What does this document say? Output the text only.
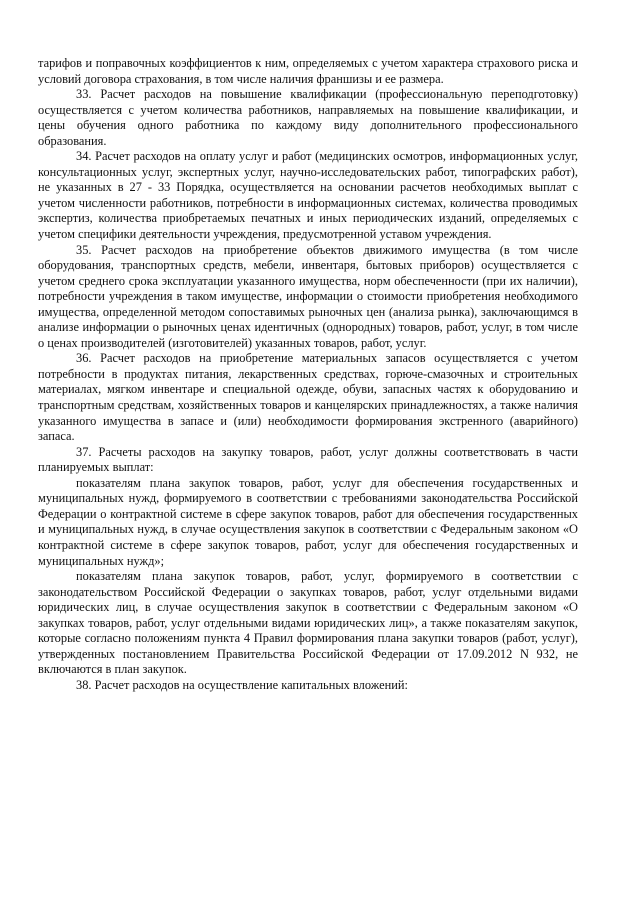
тарифов и поправочных коэффициентов к ним, определяемых с учетом характера страхового риска и условий договора страхования, в том числе наличия франшизы и ее размера.

33. Расчет расходов на повышение квалификации (профессиональную переподготовку) осуществляется с учетом количества работников, направляемых на повышение квалификации, и цены обучения одного работника по каждому виду дополнительного профессионального образования.

34. Расчет расходов на оплату услуг и работ (медицинских осмотров, информационных услуг, консультационных услуг, экспертных услуг, научно-исследовательских работ, типографских работ), не указанных в 27 - 33 Порядка, осуществляется на основании расчетов необходимых выплат с учетом численности работников, потребности в информационных системах, количества проводимых экспертиз, количества приобретаемых печатных и иных периодических изданий, определяемых с учетом специфики деятельности учреждения, предусмотренной уставом учреждения.

35. Расчет расходов на приобретение объектов движимого имущества (в том числе оборудования, транспортных средств, мебели, инвентаря, бытовых приборов) осуществляется с учетом среднего срока эксплуатации указанного имущества, норм обеспеченности (при их наличии), потребности учреждения в таком имуществе, информации о стоимости приобретения необходимого имущества, определенной методом сопоставимых рыночных цен (анализа рынка), заключающимся в анализе информации о рыночных ценах идентичных (однородных) товаров, работ, услуг, в том числе о ценах производителей (изготовителей) указанных товаров, работ, услуг.

36. Расчет расходов на приобретение материальных запасов осуществляется с учетом потребности в продуктах питания, лекарственных средствах, горюче-смазочных и строительных материалах, мягком инвентаре и специальной одежде, обуви, запасных частях к оборудованию и транспортным средствам, хозяйственных товаров и канцелярских принадлежностях, а также наличия указанного имущества в запасе и (или) необходимости формирования экстренного (аварийного) запаса.

37. Расчеты расходов на закупку товаров, работ, услуг должны соответствовать в части планируемых выплат:

показателям плана закупок товаров, работ, услуг для обеспечения государственных и муниципальных нужд, формируемого в соответствии с требованиями законодательства Российской Федерации о контрактной системе в сфере закупок товаров, работ для обеспечения государственных и муниципальных нужд, в случае осуществления закупок в соответствии с Федеральным законом «О контрактной системе в сфере закупок товаров, работ, услуг для обеспечения государственных и муниципальных нужд»;

показателям плана закупок товаров, работ, услуг, формируемого в соответствии с законодательством Российской Федерации о закупках товаров, работ, услуг отдельными видами юридических лиц, в случае осуществления закупок в соответствии с Федеральным законом «О закупках товаров, работ, услуг отдельными видами юридических лиц», а также показателям закупок, которые согласно положениям пункта 4 Правил формирования плана закупки товаров (работ, услуг), утвержденных постановлением Правительства Российской Федерации от 17.09.2012 N 932, не включаются в план закупок.

38. Расчет расходов на осуществление капитальных вложений:
